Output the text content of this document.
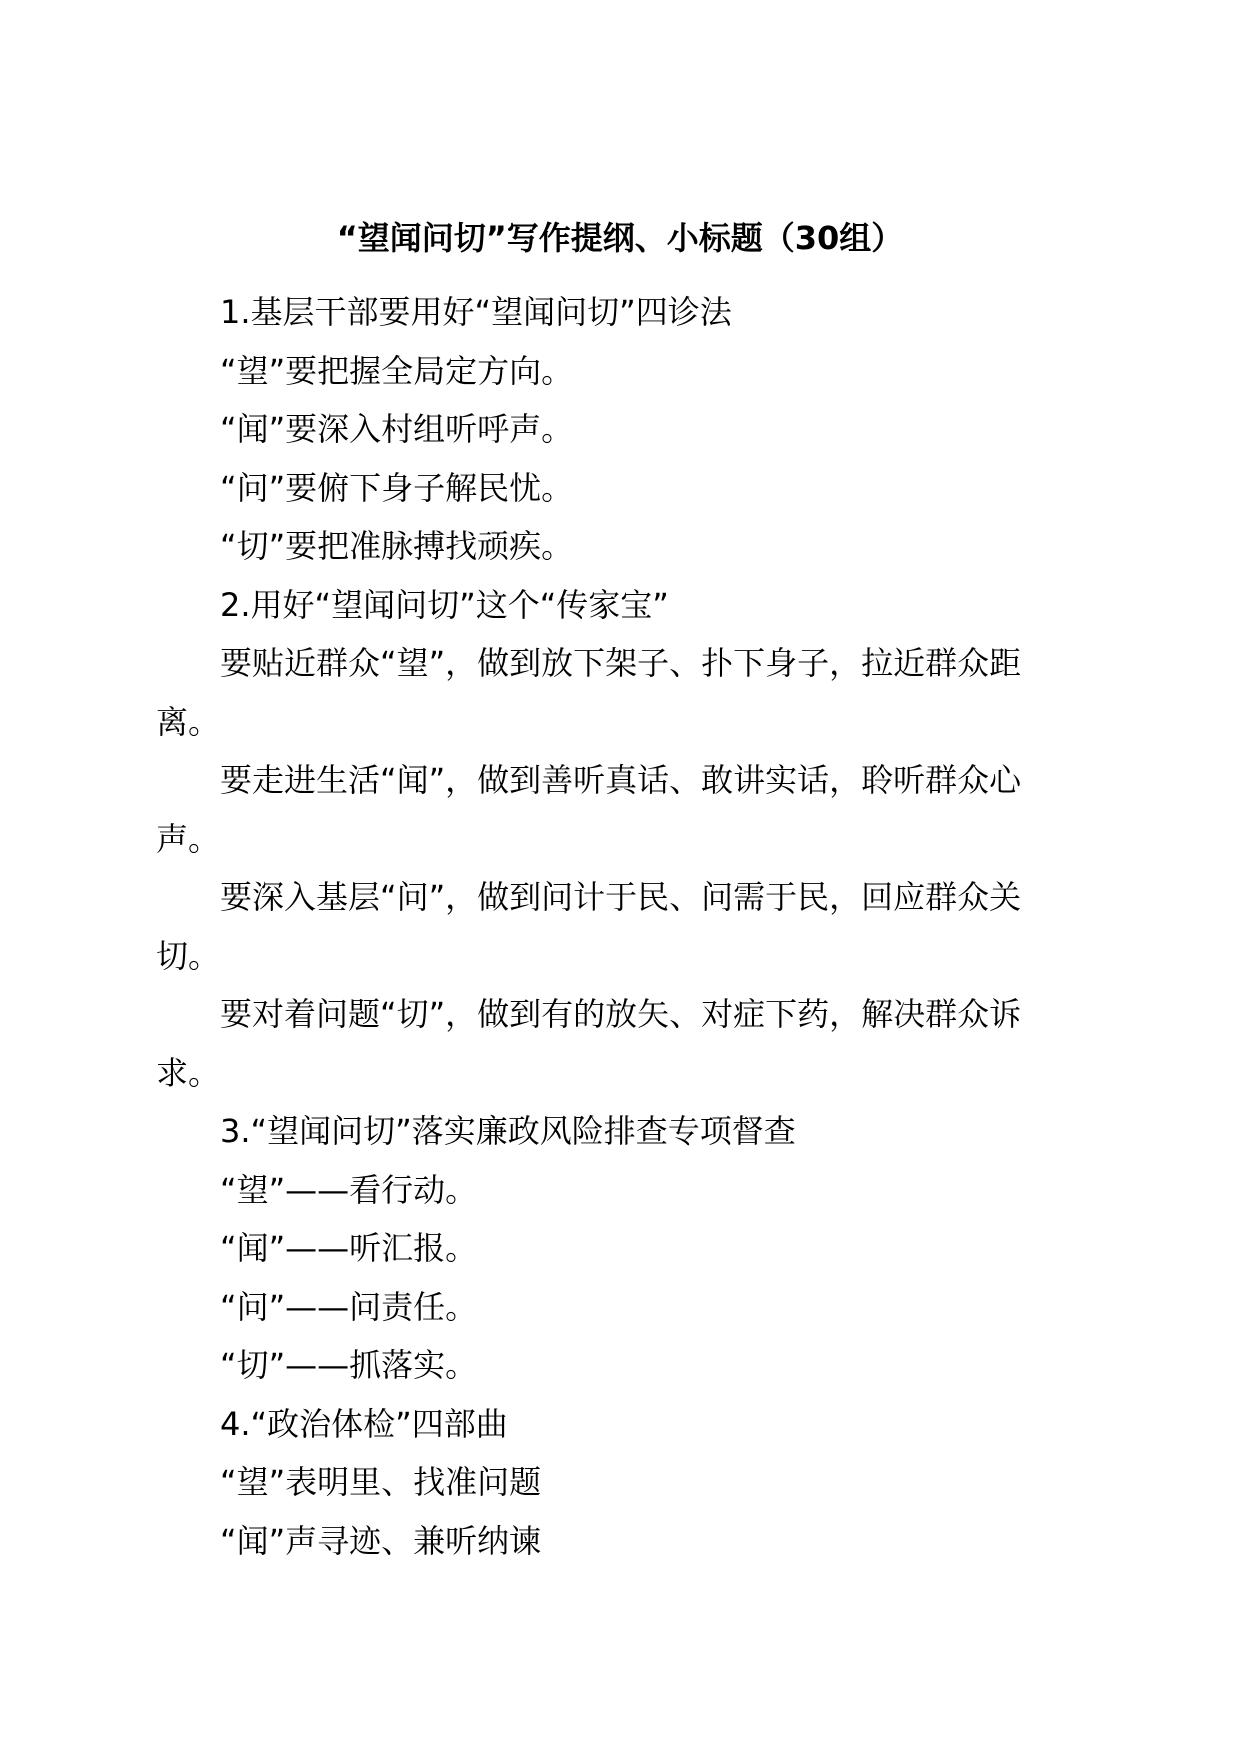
“望闻问切”写作提纲、小标题（30组）

1.基层干部要用好“望闻问切”四诊法

“望”要把握全局定方向。

“闻”要深入村组听呼声。

“问”要俯下身子解民忧。

“切”要把准脉搏找顽疾。

2.用好“望闻问切”这个“传家宝”

要贴近群众“望”，做到放下架子、扑下身子，拉近群众距离。

要走进生活“闻”，做到善听真话、敢讲实话，聆听群众心声。

要深入基层“问”，做到问计于民、问需于民，回应群众关切。

要对着问题“切”，做到有的放矢、对症下药，解决群众诉求。

3.“望闻问切”落实廉政风险排查专项督查

“望”——看行动。

“闻”——听汇报。

“问”——问责任。

“切”——抓落实。

4.“政治体检”四部曲

“望”表明里、找准问题

“闻”声寻迹、兼听纳谏
